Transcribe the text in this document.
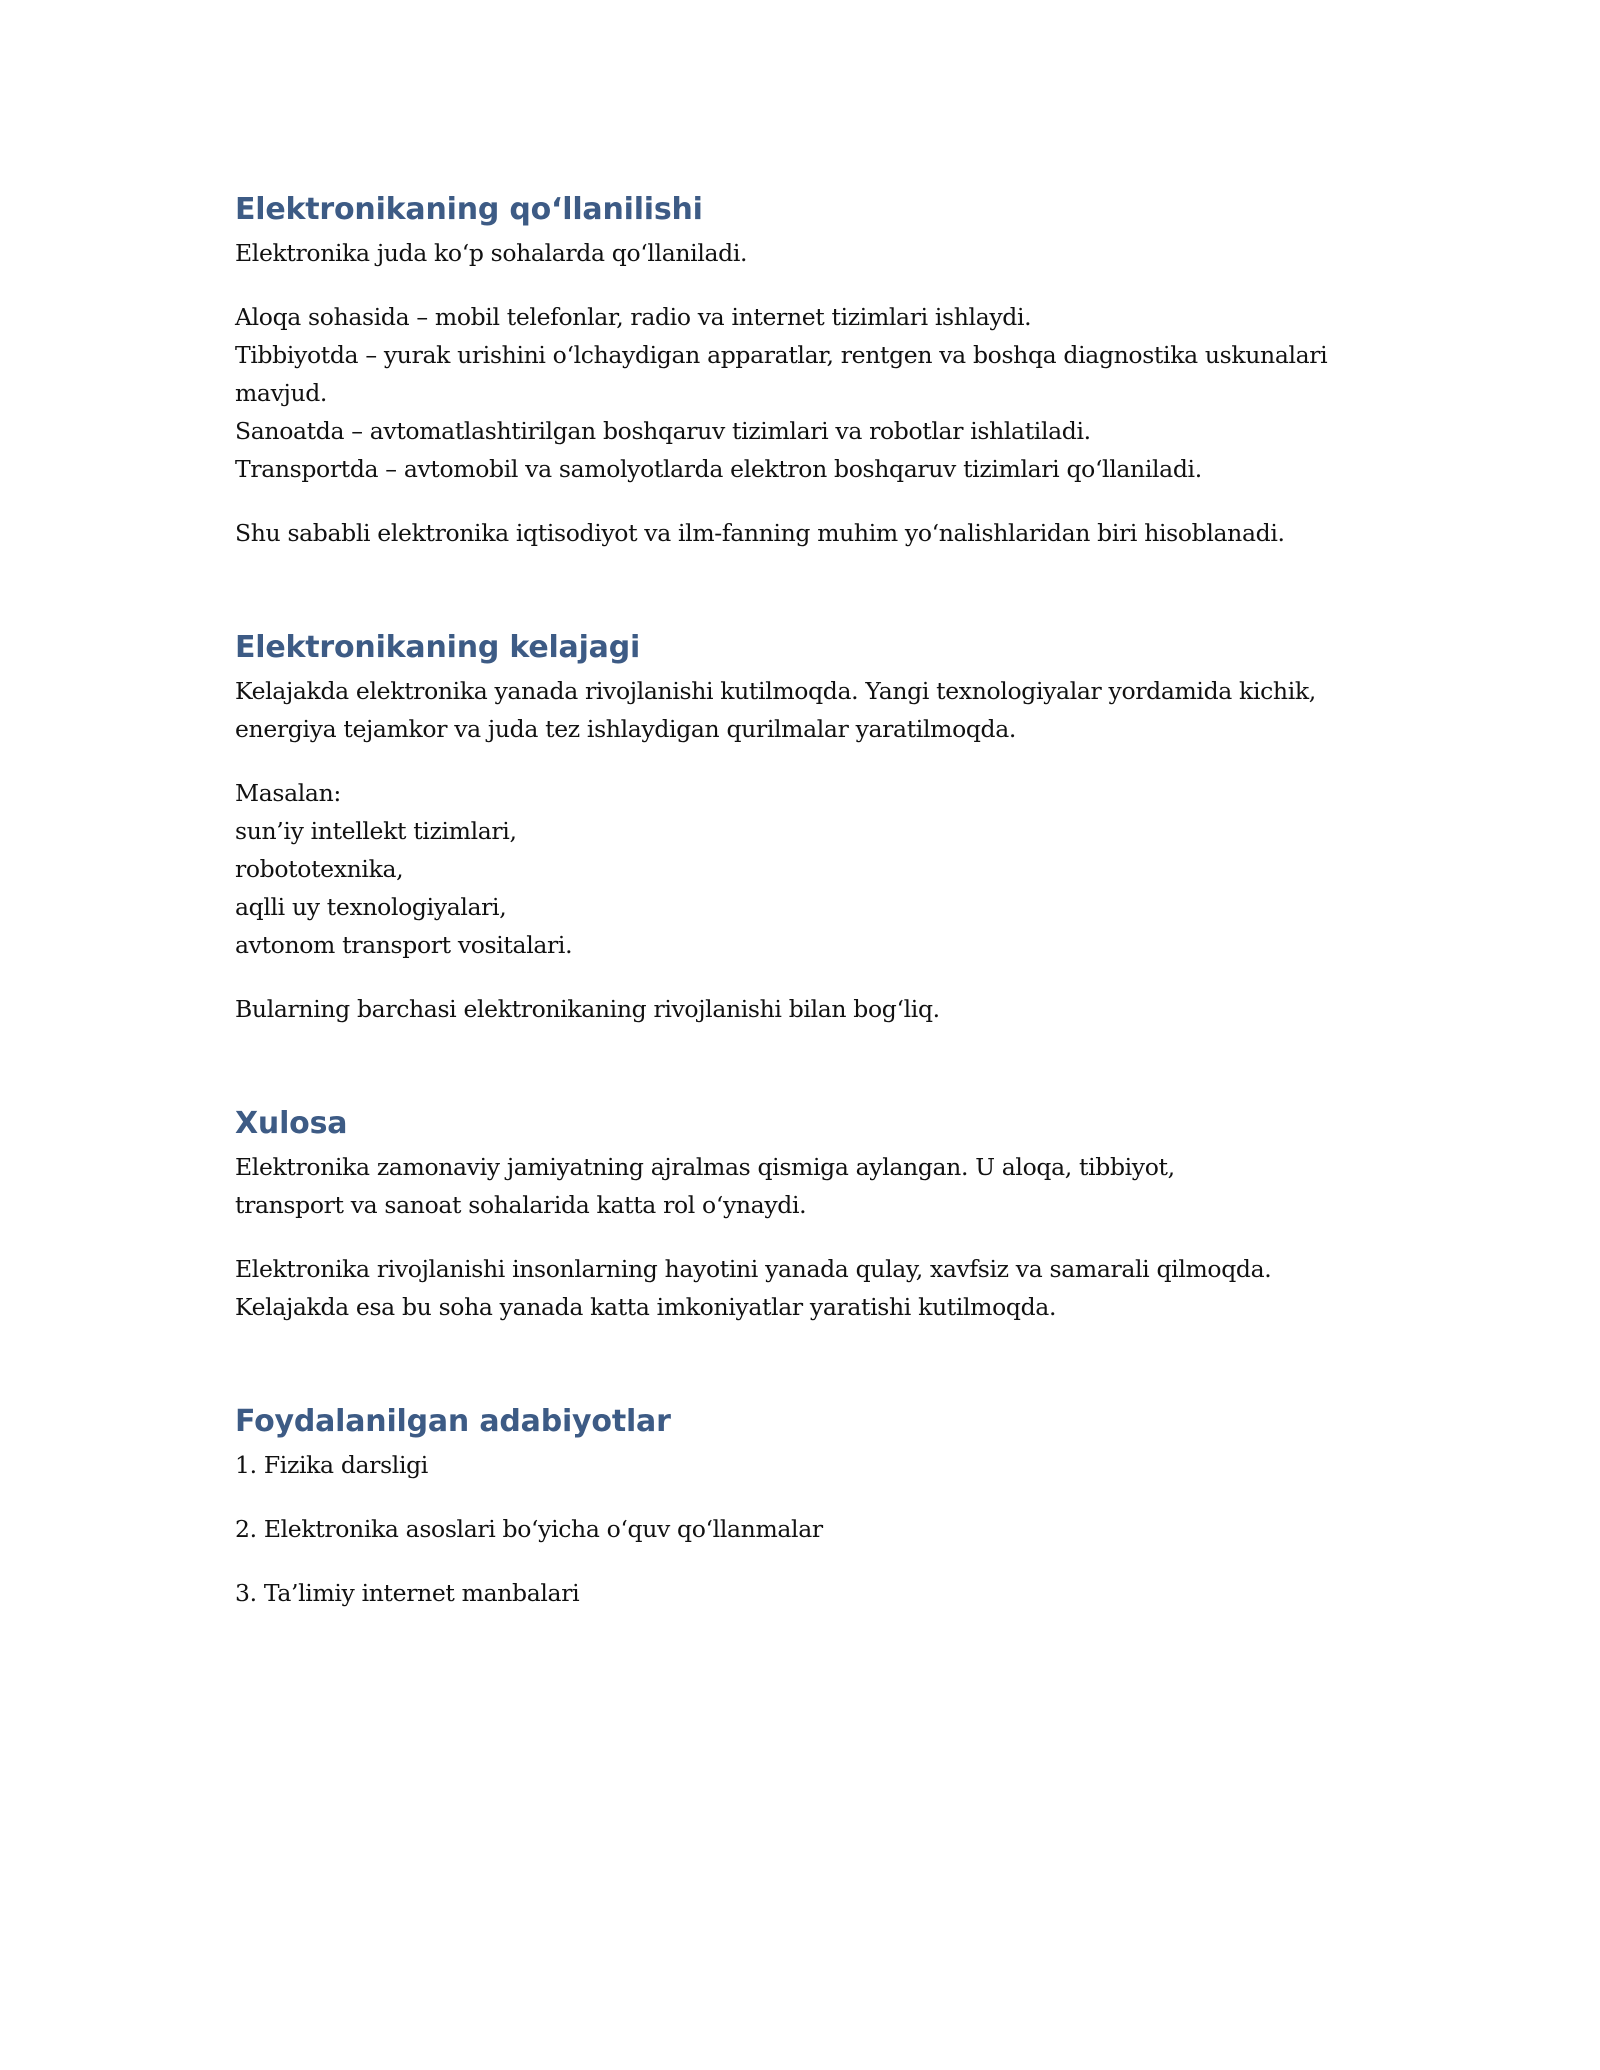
Elektronikaning qo‘llanilishi

Elektronika juda ko‘p sohalarda qo‘llaniladi.

Aloqa sohasida – mobil telefonlar, radio va internet tizimlari ishlaydi.
Tibbiyotda – yurak urishini o‘lchaydigan apparatlar, rentgen va boshqa diagnostika uskunalari
mavjud.
Sanoatda – avtomatlashtirilgan boshqaruv tizimlari va robotlar ishlatiladi.
Transportda – avtomobil va samolyotlarda elektron boshqaruv tizimlari qo‘llaniladi.

Shu sababli elektronika iqtisodiyot va ilm-fanning muhim yo‘nalishlaridan biri hisoblanadi.

Elektronikaning kelajagi

Kelajakda elektronika yanada rivojlanishi kutilmoqda. Yangi texnologiyalar yordamida kichik,
energiya tejamkor va juda tez ishlaydigan qurilmalar yaratilmoqda.

Masalan:
sun’iy intellekt tizimlari,
robototexnika,
aqlli uy texnologiyalari,
avtonom transport vositalari.

Bularning barchasi elektronikaning rivojlanishi bilan bog‘liq.

Xulosa

Elektronika zamonaviy jamiyatning ajralmas qismiga aylangan. U aloqa, tibbiyot,
transport va sanoat sohalarida katta rol o‘ynaydi.

Elektronika rivojlanishi insonlarning hayotini yanada qulay, xavfsiz va samarali qilmoqda.
Kelajakda esa bu soha yanada katta imkoniyatlar yaratishi kutilmoqda.

Foydalanilgan adabiyotlar

1. Fizika darsligi

2. Elektronika asoslari bo‘yicha o‘quv qo‘llanmalar

3. Ta’limiy internet manbalari
